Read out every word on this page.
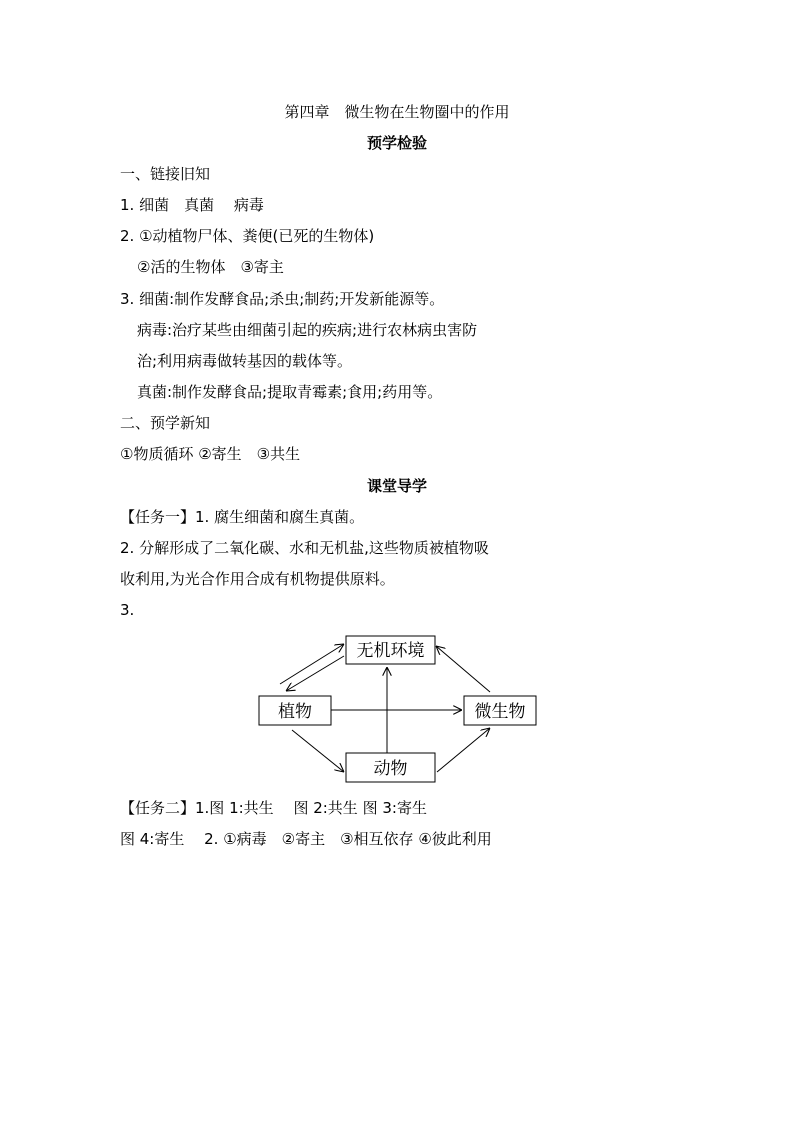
第四章　微生物在生物圈中的作用
预学检验
一、链接旧知
1. 细菌　真菌　 病毒
2. ①动植物尸体、粪便(已死的生物体)
②活的生物体　③寄主
3. 细菌:制作发酵食品;杀虫;制药;开发新能源等。
病毒:治疗某些由细菌引起的疾病;进行农林病虫害防
治;利用病毒做转基因的载体等。
真菌:制作发酵食品;提取青霉素;食用;药用等。
二、预学新知
①物质循环 ②寄生　③共生
课堂导学
【任务一】1. 腐生细菌和腐生真菌。
2. 分解形成了二氧化碳、水和无机盐,这些物质被植物吸
收利用,为光合作用合成有机物提供原料。
3.
无机环境
植物	微生物
动物
【任务二】1.图 1:共生　 图 2:共生 图 3:寄生
图 4:寄生　 2. ①病毒　②寄主　③相互依存 ④彼此利用
